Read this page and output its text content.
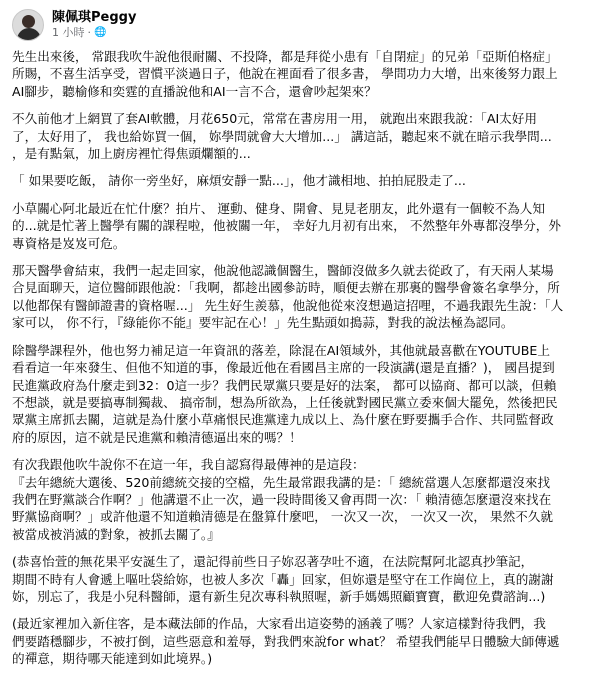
陳佩琪Peggy
1 小時 · 🌐

先生出來後， 常跟我吹牛說他很耐關、不投降，都是拜從小患有「自閉症」的兄弟「亞斯伯格症」
所賜，不喜生活享受，習慣平淡過日子，他說在裡面看了很多書， 學問功力大增，出來後努力跟上
AI腳步，聽榆修和奕霆的直播說他和AI一言不合，還會吵起架來？

不久前他才上網買了套AI軟體，月花650元，常常在書房用一用， 就跑出來跟我說：「AI太好用
了，太好用了， 我也給妳買一個， 妳學問就會大大增加...」 講這話，聽起來不就在暗示我學問...
，是有點氣，加上廚房裡忙得焦頭爛額的...

「 如果要吃飯， 請你一旁坐好，麻煩安靜一點...」，他才識相地、拍拍屁股走了...

小草關心阿北最近在忙什麼？拍片、 運動、健身、開會、見見老朋友，此外還有一個較不為人知
的...就是忙著上醫學有關的課程啦，他被關一年， 幸好九月初有出來， 不然整年外專都沒學分，外
專資格是岌岌可危。

那天醫學會結束，我們一起走回家，他說他認識個醫生，醫師沒做多久就去從政了，有天兩人某場
合見面聊天，這位醫師跟他說：「我啊，都趁出國參訪時，順便去辦在那裏的醫學會簽名拿學分，所
以他都保有醫師證書的資格喔...」 先生好生羨慕，他說他從來沒想過這招哩，不過我跟先生說：「人
家可以， 你不行，『綠能你不能』要牢記在心！」先生點頭如搗蒜，對我的說法極為認同。

除醫學課程外，他也努力補足這一年資訊的落差，除混在AI領域外，其他就最喜歡在YOUTUBE上
看看這一年來發生、但他不知道的事，像最近他在看國昌主席的一段演講(還是直播？)， 國昌提到
民進黨政府為什麼走到32：0這一步？我們民眾黨只要是好的法案， 都可以協商、都可以談，但賴
不想談，就是要搞專制獨裁、 搞帝制，想為所欲為，上任後就對國民黨立委來個大罷免，然後把民
眾黨主席抓去關，這就是為什麼小草痛恨民進黨達九成以上、為什麼在野要攜手合作、共同監督政
府的原因，這不就是民進黨和賴清德逼出來的嗎？！

有次我跟他吹牛說你不在這一年，我自認寫得最傳神的是這段：
『去年總統大選後、520前總統交接的空檔，先生最常跟我講的是：「 總統當選人怎麼都還沒來找
我們在野黨談合作啊？」他講還不止一次，過一段時間後又會再問一次：「 賴清德怎麼還沒來找在
野黨協商啊？」或許他還不知道賴清德是在盤算什麼吧， 一次又一次， 一次又一次， 果然不久就
被當成被消滅的對象，被抓去關了。』

(恭喜怡萱的無花果平安誕生了，還記得前些日子妳忍著孕吐不適，在法院幫阿北認真抄筆記，
期間不時有人會遞上嘔吐袋給妳，也被人多次「轟」回家，但妳還是堅守在工作崗位上，真的謝謝
妳，別忘了，我是小兒科醫師，還有新生兒次專科執照喔，新手媽媽照顧寶寶，歡迎免費諮詢...)

(最近家裡加入新住客，是本藏法師的作品，大家看出這姿勢的涵義了嗎？人家這樣對待我們，我
們要踏穩腳步，不被打倒，這些惡意和羞辱，對我們來說for what？ 希望我們能早日體驗大師傳遞
的禪意，期待哪天能達到如此境界。)
